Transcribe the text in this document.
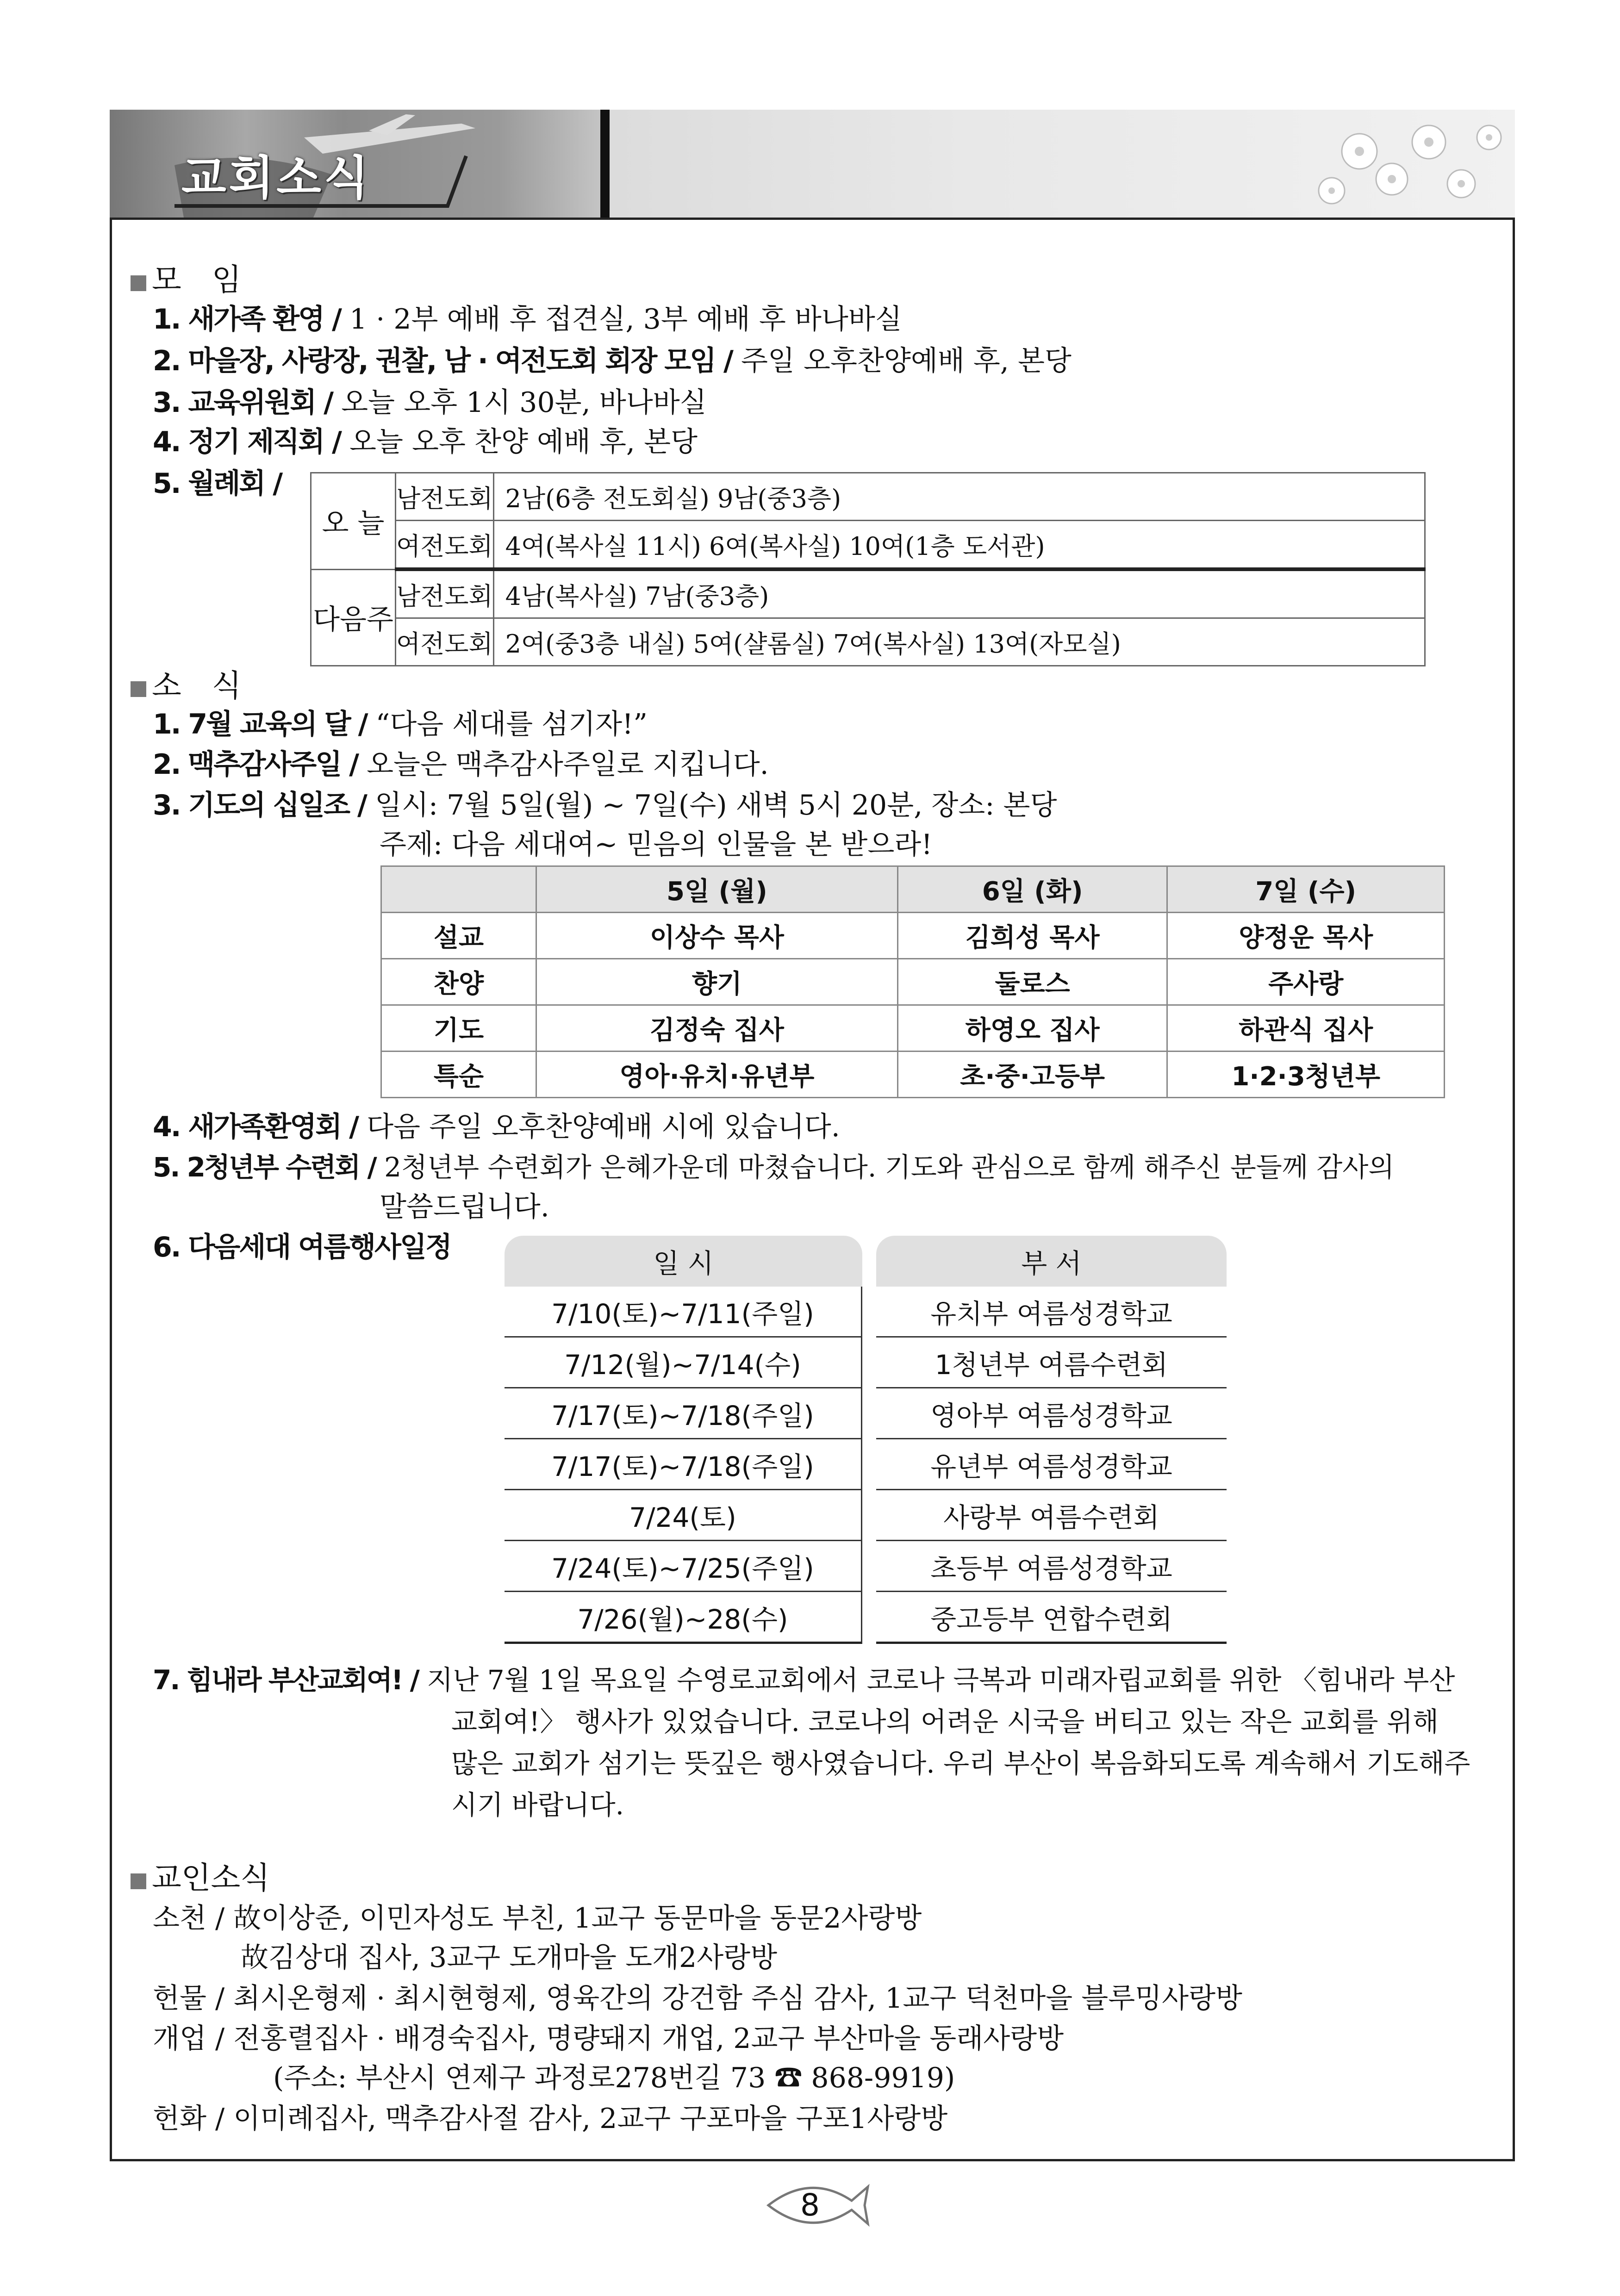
교회소식
모　임
1. 새가족 환영 / 1 · 2부 예배 후 접견실, 3부 예배 후 바나바실
2. 마을장, 사랑장, 권찰, 남 · 여전도회 회장 모임 / 주일 오후찬양예배 후, 본당
3. 교육위원회 / 오늘 오후 1시 30분, 바나바실
4. 정기 제직회 / 오늘 오후 찬양 예배 후, 본당
5. 월례회 /
오 늘	남전도회	2남(6층 전도회실) 9남(중3층)
	여전도회	4여(복사실 11시) 6여(복사실) 10여(1층 도서관)
다음주	남전도회	4남(복사실) 7남(중3층)
	여전도회	2여(중3층 내실) 5여(샬롬실) 7여(복사실) 13여(자모실)
소　식
1. 7월 교육의 달 / “다음 세대를 섬기자!”
2. 맥추감사주일 / 오늘은 맥추감사주일로 지킵니다.
3. 기도의 십일조 / 일시: 7월 5일(월) ~ 7일(수) 새벽 5시 20분, 장소: 본당
주제: 다음 세대여~ 믿음의 인물을 본 받으라!
	5일 (월)	6일 (화)	7일 (수)
설교	이상수 목사	김희성 목사	양정운 목사
찬양	향기	둘로스	주사랑
기도	김정숙 집사	하영오 집사	하관식 집사
특순	영아·유치·유년부	초·중·고등부	1·2·3청년부
4. 새가족환영회 / 다음 주일 오후찬양예배 시에 있습니다.
5. 2청년부 수련회 / 2청년부 수련회가 은혜가운데 마쳤습니다. 기도와 관심으로 함께 해주신 분들께 감사의
말씀드립니다.
6. 다음세대 여름행사일정	일 시	부 서
7/10(토)~7/11(주일)	유치부 여름성경학교
7/12(월)~7/14(수)	1청년부 여름수련회
7/17(토)~7/18(주일)	영아부 여름성경학교
7/17(토)~7/18(주일)	유년부 여름성경학교
7/24(토)	사랑부 여름수련회
7/24(토)~7/25(주일)	초등부 여름성경학교
7/26(월)~28(수)	중고등부 연합수련회
7. 힘내라 부산교회여! / 지난 7월 1일 목요일 수영로교회에서 코로나 극복과 미래자립교회를 위한 〈힘내라 부산
교회여!〉 행사가 있었습니다. 코로나의 어려운 시국을 버티고 있는 작은 교회를 위해
많은 교회가 섬기는 뜻깊은 행사였습니다. 우리 부산이 복음화되도록 계속해서 기도해주
시기 바랍니다.
교인소식
소천 / 故이상준, 이민자성도 부친, 1교구 동문마을 동문2사랑방
故김상대 집사, 3교구 도개마을 도개2사랑방
헌물 / 최시온형제 · 최시현형제, 영육간의 강건함 주심 감사, 1교구 덕천마을 블루밍사랑방
개업 / 전홍렬집사 · 배경숙집사, 명량돼지 개업, 2교구 부산마을 동래사랑방
(주소: 부산시 연제구 과정로278번길 73 ☎ 868-9919)
헌화 / 이미례집사, 맥추감사절 감사, 2교구 구포마을 구포1사랑방
8
